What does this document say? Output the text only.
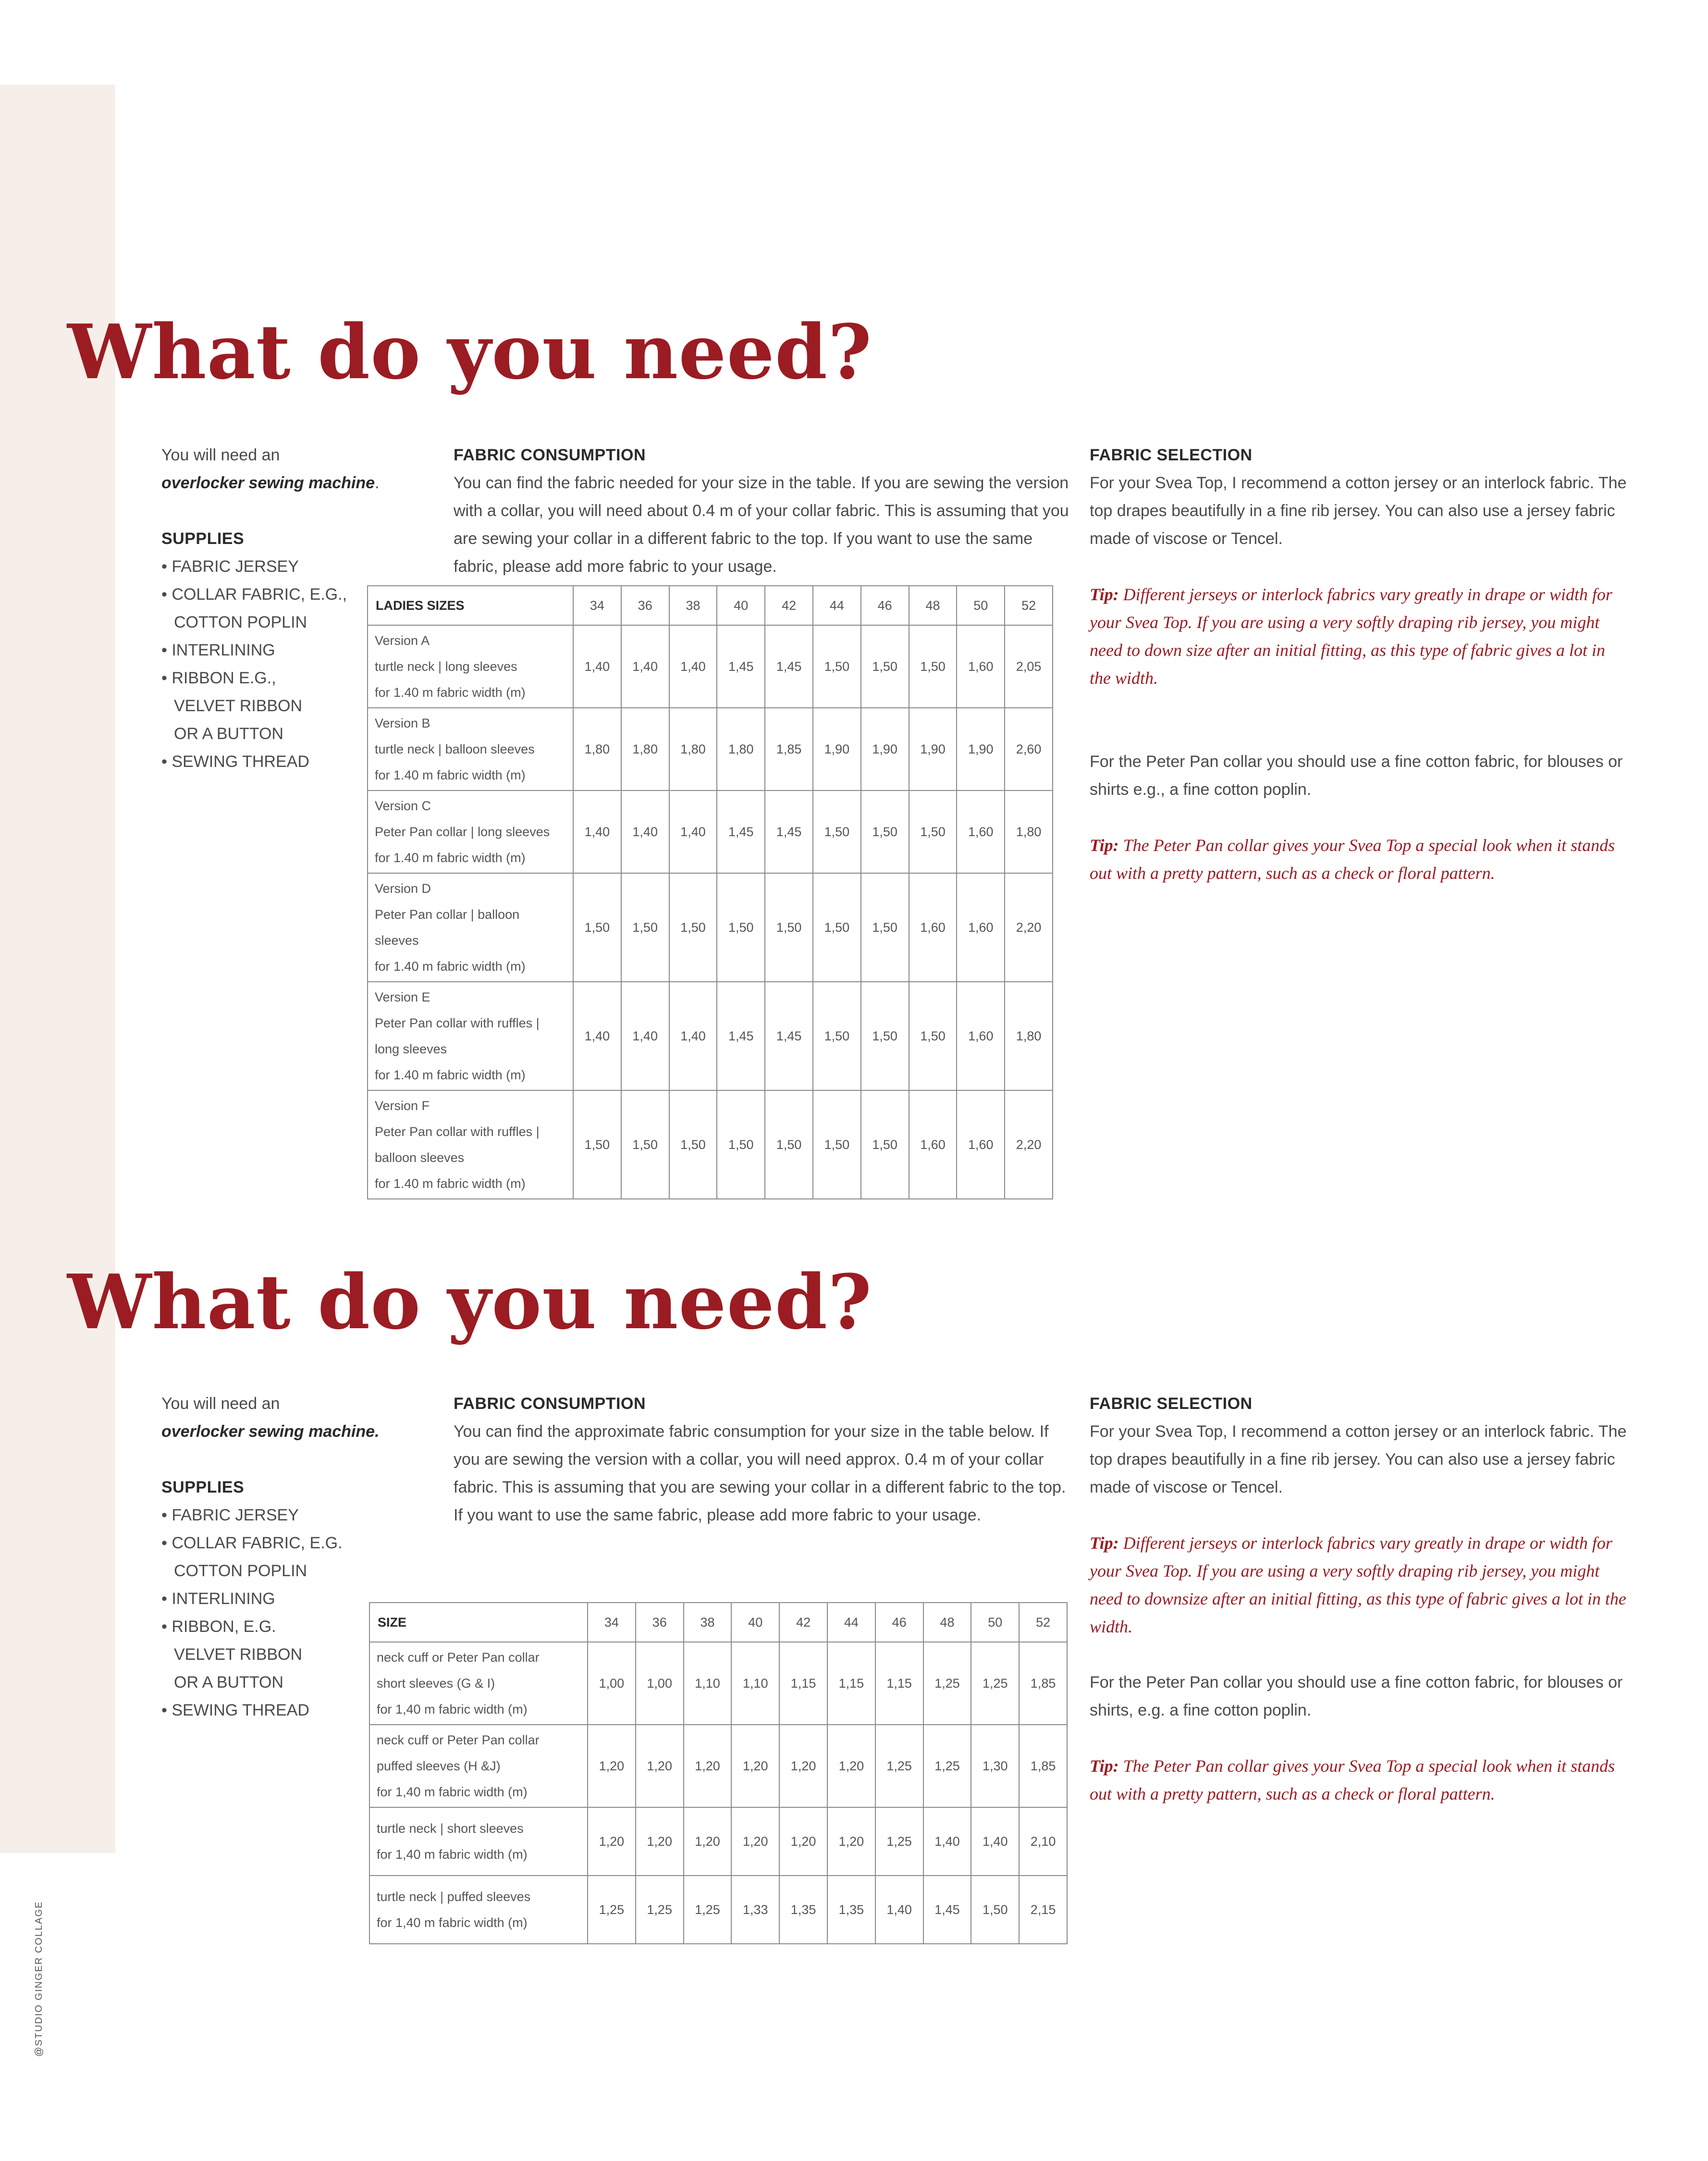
@STUDIO GINGER COLLAGE
What do you need?

You will need an

overlocker sewing machine.

SUPPLIES

• FABRIC JERSEY
• COLLAR FABRIC, E.G.,
COTTON POPLIN
• INTERLINING
• RIBBON E.G.,
VELVET RIBBON
OR A BUTTON
• SEWING THREAD

FABRIC CONSUMPTION

You can find the fabric needed for your size in the table. If you are sewing the version with a collar, you will need about 0.4 m of your collar fabric. This is assuming that you are sewing your collar in a different fabric to the top. If you want to use the same fabric, please add more fabric to your usage.

LADIES SIZES	34	36	38	40	42	44	46	48	50	52

Version A
turtle neck | long sleeves
for 1.40 m fabric width (m)	1,40	1,40	1,40	1,45	1,45	1,50	1,50	1,50	1,60	2,05

Version B
turtle neck | balloon sleeves
for 1.40 m fabric width (m)	1,80	1,80	1,80	1,80	1,85	1,90	1,90	1,90	1,90	2,60

Version C
Peter Pan collar | long sleeves
for 1.40 m fabric width (m)	1,40	1,40	1,40	1,45	1,45	1,50	1,50	1,50	1,60	1,80

Version D
Peter Pan collar | balloon
sleeves
for 1.40 m fabric width (m)	1,50	1,50	1,50	1,50	1,50	1,50	1,50	1,60	1,60	2,20

Version E
Peter Pan collar with ruffles |
long sleeves
for 1.40 m fabric width (m)	1,40	1,40	1,40	1,45	1,45	1,50	1,50	1,50	1,60	1,80

Version F
Peter Pan collar with ruffles |
balloon sleeves
for 1.40 m fabric width (m)	1,50	1,50	1,50	1,50	1,50	1,50	1,50	1,60	1,60	2,20

FABRIC SELECTION

For your Svea Top, I recommend a cotton jersey or an interlock fabric. The top drapes beautifully in a fine rib jersey. You can also use a jersey fabric made of viscose or Tencel.

Tip: Different jerseys or interlock fabrics vary greatly in drape or width for your Svea Top. If you are using a very softly draping rib jersey, you might need to down size after an initial fitting, as this type of fabric gives a lot in the width.

For the Peter Pan collar you should use a fine cotton fabric, for blouses or shirts e.g., a fine cotton poplin.

Tip: The Peter Pan collar gives your Svea Top a special look when it stands out with a pretty pattern, such as a check or floral pattern.

What do you need?

You will need an

overlocker sewing machine.

SUPPLIES

• FABRIC JERSEY
• COLLAR FABRIC, E.G.
COTTON POPLIN
• INTERLINING
• RIBBON, E.G.
VELVET RIBBON
OR A BUTTON
• SEWING THREAD

FABRIC CONSUMPTION

You can find the approximate fabric consumption for your size in the table below. If you are sewing the version with a collar, you will need approx. 0.4 m of your collar fabric. This is assuming that you are sewing your collar in a different fabric to the top. If you want to use the same fabric, please add more fabric to your usage.

SIZE	34	36	38	40	42	44	46	48	50	52

neck cuff or Peter Pan collar
short sleeves (G & I)
for 1,40 m fabric width (m)	1,00	1,00	1,10	1,10	1,15	1,15	1,15	1,25	1,25	1,85

neck cuff or Peter Pan collar
puffed sleeves (H &J)
for 1,40 m fabric width (m)	1,20	1,20	1,20	1,20	1,20	1,20	1,25	1,25	1,30	1,85

turtle neck | short sleeves
for 1,40 m fabric width (m)	1,20	1,20	1,20	1,20	1,20	1,20	1,25	1,40	1,40	2,10

turtle neck | puffed sleeves
for 1,40 m fabric width (m)	1,25	1,25	1,25	1,33	1,35	1,35	1,40	1,45	1,50	2,15

FABRIC SELECTION

For your Svea Top, I recommend a cotton jersey or an interlock fabric. The top drapes beautifully in a fine rib jersey. You can also use a jersey fabric made of viscose or Tencel.

Tip: Different jerseys or interlock fabrics vary greatly in drape or width for your Svea Top. If you are using a very softly draping rib jersey, you might need to downsize after an initial fitting, as this type of fabric gives a lot in the width.

For the Peter Pan collar you should use a fine cotton fabric, for blouses or shirts, e.g. a fine cotton poplin.

Tip: The Peter Pan collar gives your Svea Top a special look when it stands out with a pretty pattern, such as a check or floral pattern.
